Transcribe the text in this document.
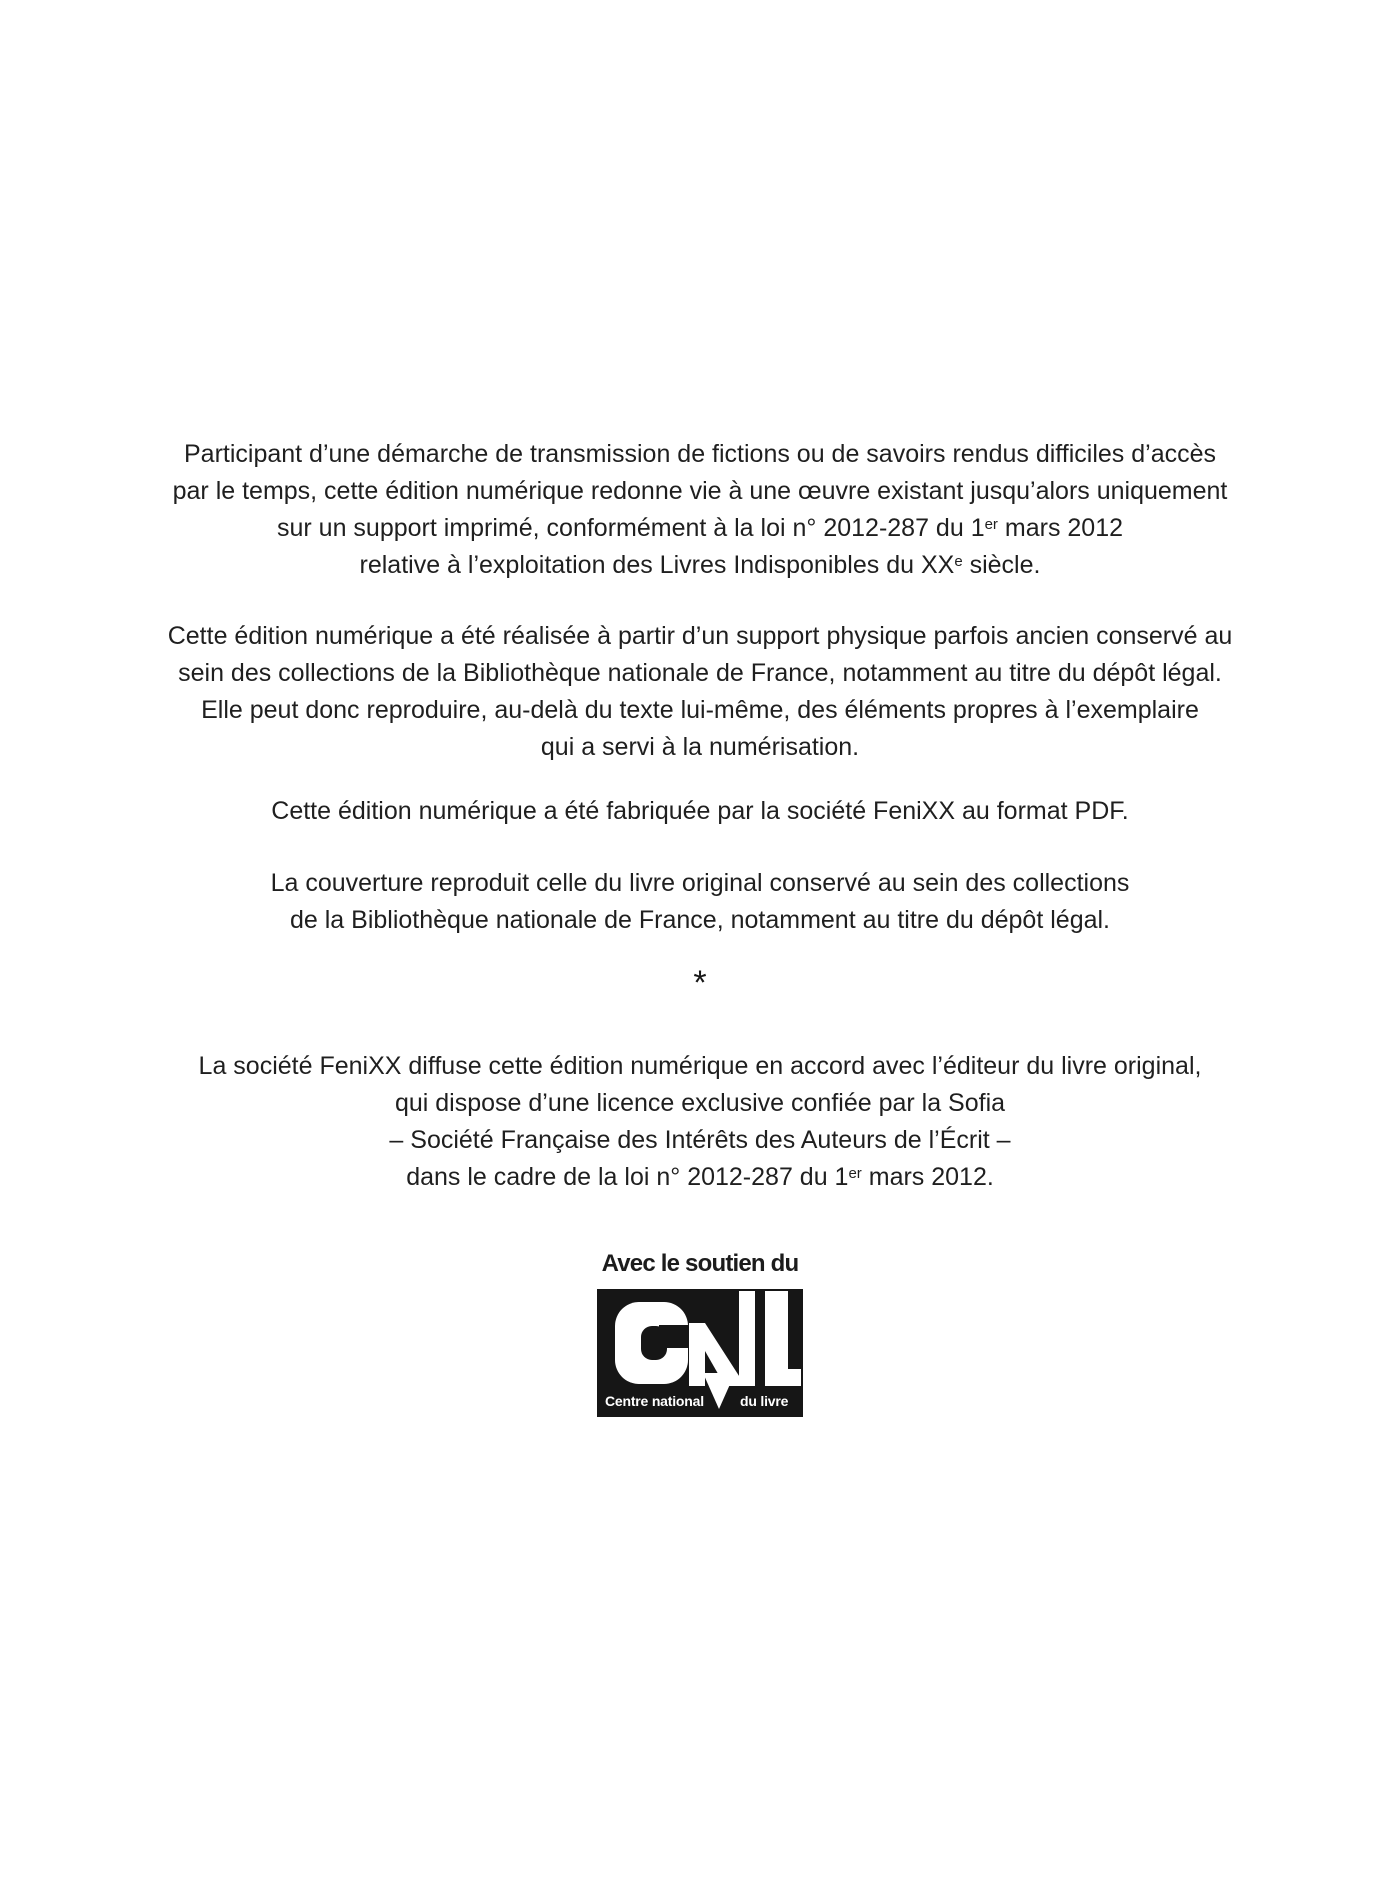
Participant d’une démarche de transmission de fictions ou de savoirs rendus difficiles d’accès
par le temps, cette édition numérique redonne vie à une œuvre existant jusqu’alors uniquement
sur un support imprimé, conformément à la loi n° 2012-287 du 1er mars 2012
relative à l’exploitation des Livres Indisponibles du XXe siècle.

Cette édition numérique a été réalisée à partir d’un support physique parfois ancien conservé au
sein des collections de la Bibliothèque nationale de France, notamment au titre du dépôt légal.
Elle peut donc reproduire, au-delà du texte lui-même, des éléments propres à l’exemplaire
qui a servi à la numérisation.

Cette édition numérique a été fabriquée par la société FeniXX au format PDF.

La couverture reproduit celle du livre original conservé au sein des collections
de la Bibliothèque nationale de France, notamment au titre du dépôt légal.

*

La société FeniXX diffuse cette édition numérique en accord avec l’éditeur du livre original,
qui dispose d’une licence exclusive confiée par la Sofia
– Société Française des Intérêts des Auteurs de l’Écrit –
dans le cadre de la loi n° 2012-287 du 1er mars 2012.

Avec le soutien du
Centre national	du livre
